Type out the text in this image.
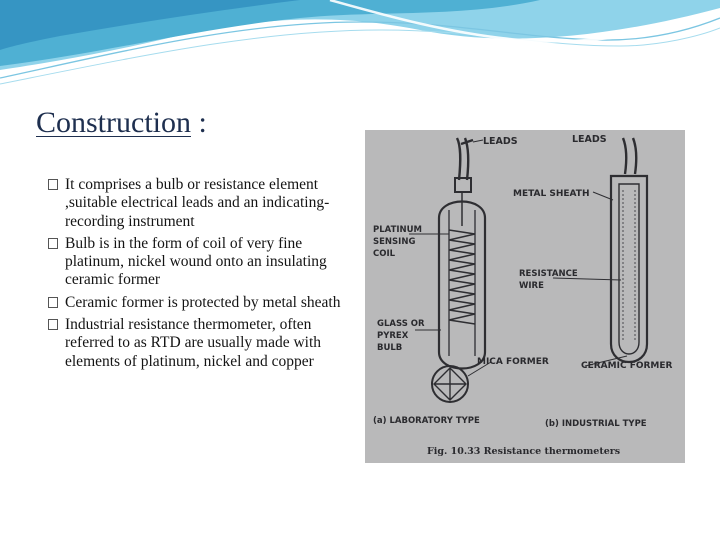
Construction :
It comprises a bulb or resistance element ,suitable electrical leads and an indicating-recording instrument
Bulb is in the form of coil of very fine platinum, nickel wound onto an insulating ceramic former
Ceramic former is protected by metal sheath
Industrial resistance thermometer, often referred to as RTD are usually made with elements of platinum, nickel and copper
LEADS	LEADS
METAL SHEATH
PLATINUM
SENSING
COIL
RESISTANCE
WIRE
GLASS OR
PYREX
BULB
MICA FORMER	CERAMIC FORMER
(a) LABORATORY TYPE	(b) INDUSTRIAL TYPE
Fig. 10.33 Resistance thermometers
